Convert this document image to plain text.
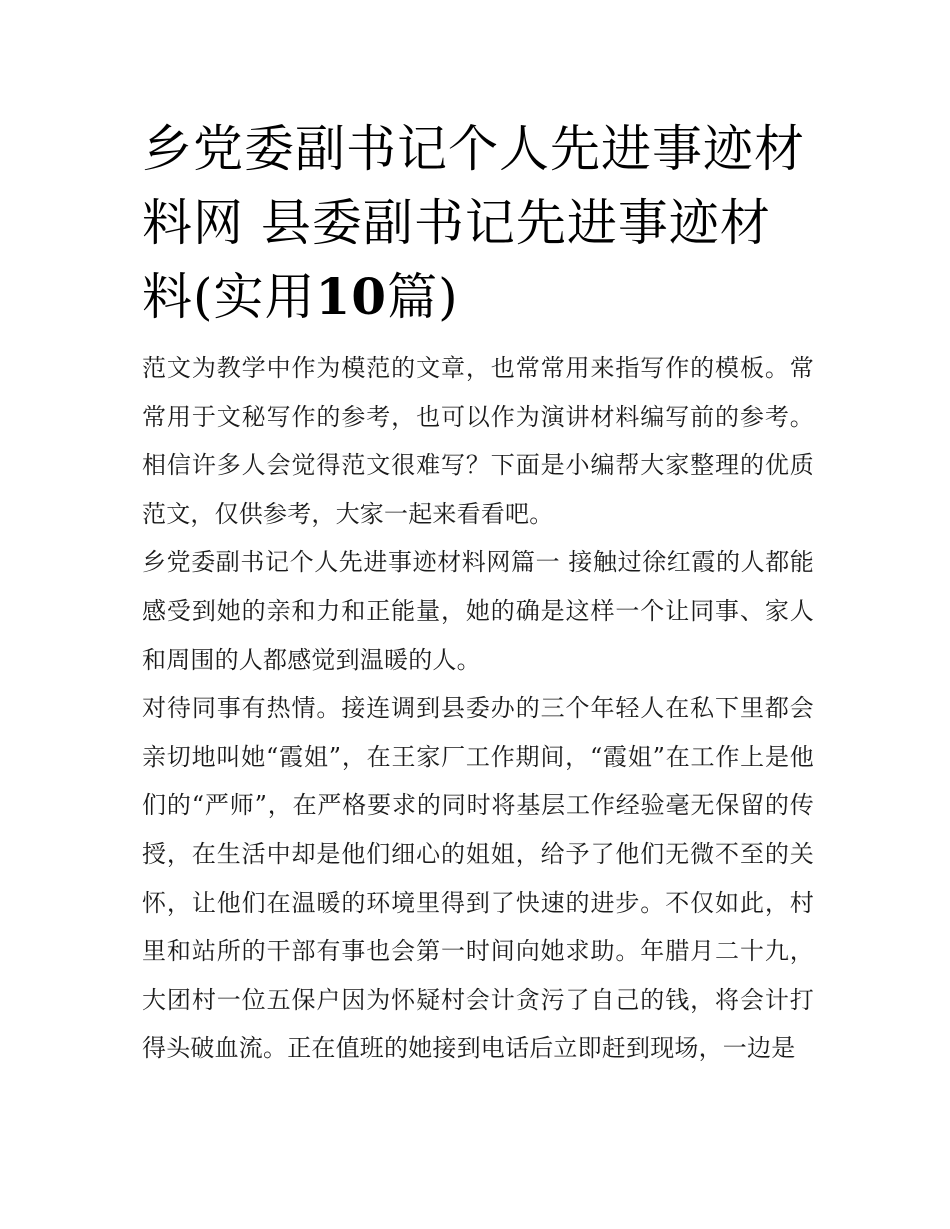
乡党委副书记个人先进事迹材料网 县委副书记先进事迹材料(实用10篇)

范文为教学中作为模范的文章，也常常用来指写作的模板。常常用于文秘写作的参考，也可以作为演讲材料编写前的参考。相信许多人会觉得范文很难写？下面是小编帮大家整理的优质范文，仅供参考，大家一起来看看吧。

乡党委副书记个人先进事迹材料网篇一 接触过徐红霞的人都能感受到她的亲和力和正能量，她的确是这样一个让同事、家人和周围的人都感觉到温暖的人。

对待同事有热情。接连调到县委办的三个年轻人在私下里都会亲切地叫她“霞姐”，在王家厂工作期间，“霞姐”在工作上是他们的“严师”，在严格要求的同时将基层工作经验毫无保留的传授，在生活中却是他们细心的姐姐，给予了他们无微不至的关怀，让他们在温暖的环境里得到了快速的进步。不仅如此，村里和站所的干部有事也会第一时间向她求助。年腊月二十九，大团村一位五保户因为怀疑村会计贪污了自己的钱，将会计打得头破血流。正在值班的她接到电话后立即赶到现场，一边是
